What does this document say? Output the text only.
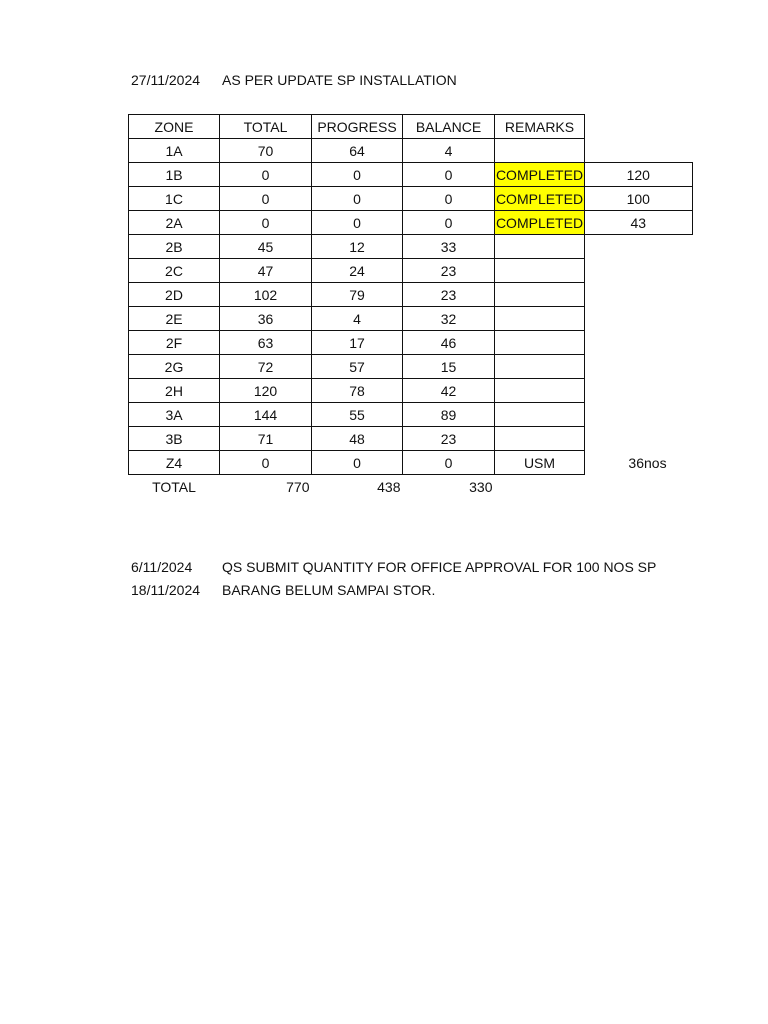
27/11/2024 AS PER UPDATE SP INSTALLATION
ZONE	TOTAL	PROGRESS	BALANCE	REMARKS	
1A	70	64	4		
1B	0	0	0	COMPLETED	120
1C	0	0	0	COMPLETED	100
2A	0	0	0	COMPLETED	43
2B	45	12	33		
2C	47	24	23		
2D	102	79	23		
2E	36	4	32		
2F	63	17	46		
2G	72	57	15		
2H	120	78	42		
3A	144	55	89		
3B	71	48	23		
Z4	0	0	0	USM	36nos
TOTAL	770	438	330		
6/11/2024 QS SUBMIT QUANTITY FOR OFFICE APPROVAL FOR 100 NOS SP
18/11/2024 BARANG BELUM SAMPAI STOR.
